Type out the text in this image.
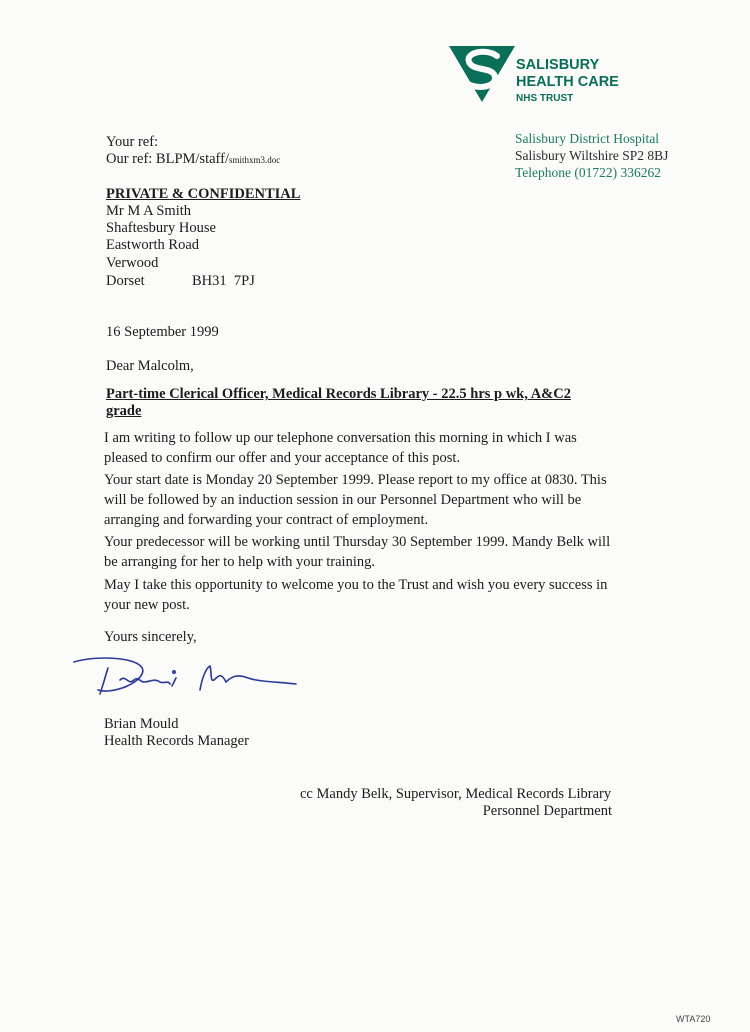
SALISBURY
HEALTH CARE
NHS TRUST
Salisbury District Hospital
Salisbury Wiltshire SP2 8BJ
Telephone (01722) 336262
Your ref:
Our ref: BLPM/staff/smithxm3.doc
PRIVATE & CONFIDENTIAL
Mr M A Smith
Shaftesbury House
Eastworth Road
Verwood
Dorset	BH31  7PJ
16 September 1999
Dear Malcolm,
Part-time Clerical Officer, Medical Records Library - 22.5 hrs p wk, A&C2
grade
I am writing to follow up our telephone conversation this morning in which I was pleased to confirm our offer and your acceptance of this post.
Your start date is Monday 20 September 1999. Please report to my office at 0830. This will be followed by an induction session in our Personnel Department who will be arranging and forwarding your contract of employment.
Your predecessor will be working until Thursday 30 September 1999. Mandy Belk will be arranging for her to help with your training.
May I take this opportunity to welcome you to the Trust and wish you every success in your new post.
Yours sincerely,
Brian Mould
Health Records Manager
cc Mandy Belk, Supervisor, Medical Records Library
Personnel Department
WTA720
